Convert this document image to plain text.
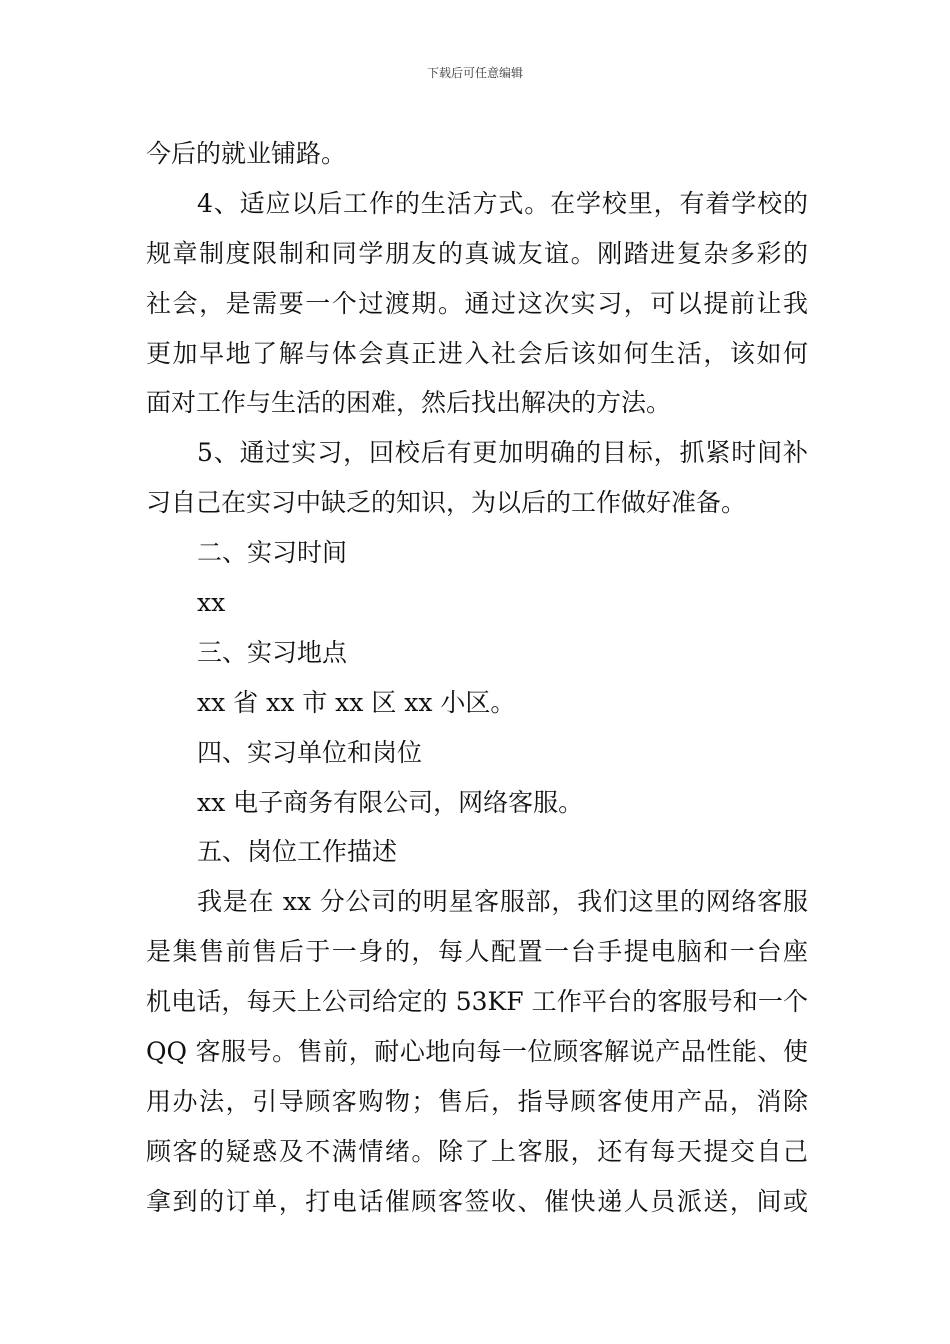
下载后可任意编辑
今后的就业铺路。
4、适应以后工作的生活方式。在学校里，有着学校的
规章制度限制和同学朋友的真诚友谊。刚踏进复杂多彩的
社会，是需要一个过渡期。通过这次实习，可以提前让我
更加早地了解与体会真正进入社会后该如何生活，该如何
面对工作与生活的困难，然后找出解决的方法。
5、通过实习，回校后有更加明确的目标，抓紧时间补
习自己在实习中缺乏的知识，为以后的工作做好准备。
二、实习时间
xx
三、实习地点
xx 省 xx 市 xx 区 xx 小区。
四、实习单位和岗位
xx 电子商务有限公司，网络客服。
五、岗位工作描述
我是在 xx 分公司的明星客服部，我们这里的网络客服
是集售前售后于一身的，每人配置一台手提电脑和一台座
机电话，每天上公司给定的 53KF 工作平台的客服号和一个
QQ 客服号。售前，耐心地向每一位顾客解说产品性能、使
用办法，引导顾客购物；售后，指导顾客使用产品，消除
顾客的疑惑及不满情绪。除了上客服，还有每天提交自己
拿到的订单，打电话催顾客签收、催快递人员派送，间或
